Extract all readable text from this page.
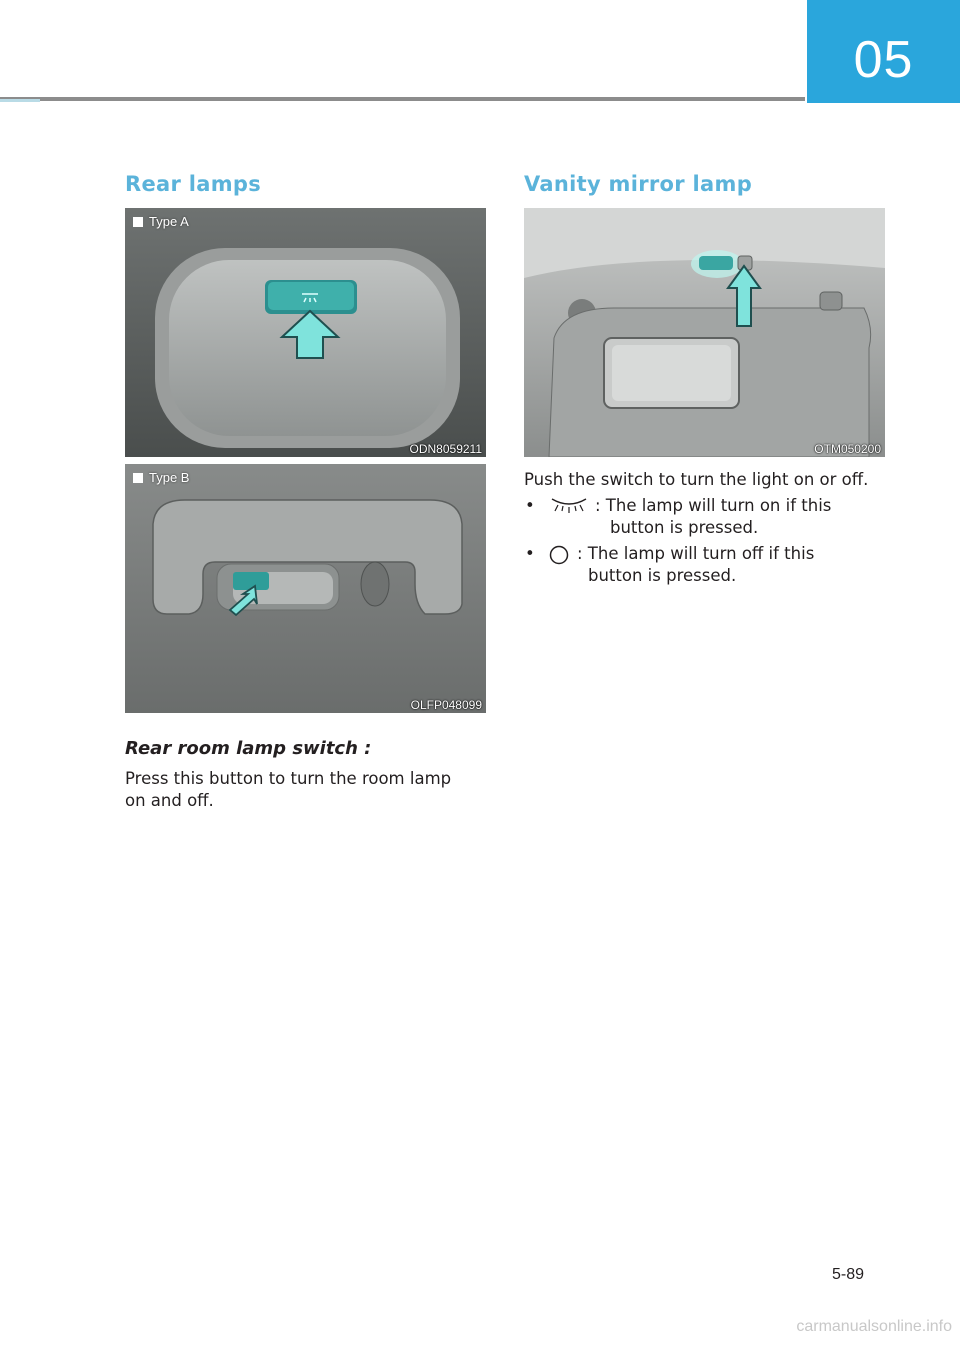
05
Rear lamps
Type A
ODN8059211
Type B
OLFP048099
Rear room lamp switch :
Press this button to turn the room lamp
on and off.
Vanity mirror lamp
OTM050200
Push the switch to turn the light on or off.
•	: The lamp will turn on if this
button is pressed.
•	: The lamp will turn off if this
button is pressed.
5-89
carmanualsonline.info
